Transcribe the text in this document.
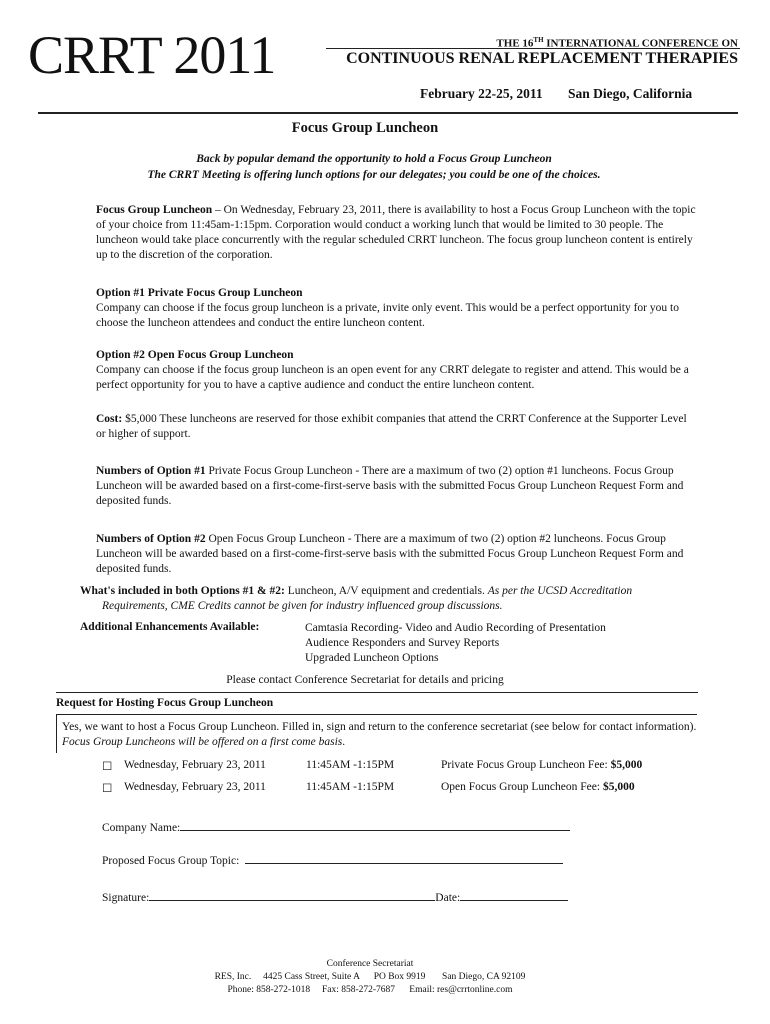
CRRT 2011	THE 16TH INTERNATIONAL CONFERENCE ON
CONTINUOUS RENAL REPLACEMENT THERAPIES
February 22-25, 2011 San Diego, California
Focus Group Luncheon
Back by popular demand the opportunity to hold a Focus Group Luncheon
The CRRT Meeting is offering lunch options for our delegates; you could be one of the choices.
Focus Group Luncheon – On Wednesday, February 23, 2011, there is availability to host a Focus Group Luncheon with the topic of your choice from 11:45am-1:15pm. Corporation would conduct a working lunch that would be limited to 30 people. The luncheon would take place concurrently with the regular scheduled CRRT luncheon. The focus group luncheon content is entirely up to the discretion of the corporation.
Option #1 Private Focus Group Luncheon
Company can choose if the focus group luncheon is a private, invite only event. This would be a perfect opportunity for you to choose the luncheon attendees and conduct the entire luncheon content.
Option #2 Open Focus Group Luncheon
Company can choose if the focus group luncheon is an open event for any CRRT delegate to register and attend. This would be a perfect opportunity for you to have a captive audience and conduct the entire luncheon content.
Cost: $5,000 These luncheons are reserved for those exhibit companies that attend the CRRT Conference at the Supporter Level or higher of support.
Numbers of Option #1 Private Focus Group Luncheon - There are a maximum of two (2) option #1 luncheons. Focus Group Luncheon will be awarded based on a first-come-first-serve basis with the submitted Focus Group Luncheon Request Form and deposited funds.
Numbers of Option #2 Open Focus Group Luncheon - There are a maximum of two (2) option #2 luncheons. Focus Group Luncheon will be awarded based on a first-come-first-serve basis with the submitted Focus Group Luncheon Request Form and deposited funds.
What's included in both Options #1 & #2: Luncheon, A/V equipment and credentials. As per the UCSD Accreditation
Requirements, CME Credits cannot be given for industry influenced group discussions.
Additional Enhancements Available:	Camtasia Recording- Video and Audio Recording of Presentation
Audience Responders and Survey Reports
Upgraded Luncheon Options
Please contact Conference Secretariat for details and pricing
Request for Hosting Focus Group Luncheon
Yes, we want to host a Focus Group Luncheon. Filled in, sign and return to the conference secretariat (see below for contact information). Focus Group Luncheons will be offered on a first come basis.
☐ Wednesday, February 23, 2011	11:45AM -1:15PM	Private Focus Group Luncheon Fee: $5,000
☐ Wednesday, February 23, 2011	11:45AM -1:15PM	Open Focus Group Luncheon Fee: $5,000
Company Name:
Proposed Focus Group Topic:
Signature:	Date:
Conference Secretariat
RES, Inc.     4425 Cass Street, Suite A      PO Box 9919       San Diego, CA 92109
Phone: 858-272-1018     Fax: 858-272-7687      Email: res@crrtonline.com
